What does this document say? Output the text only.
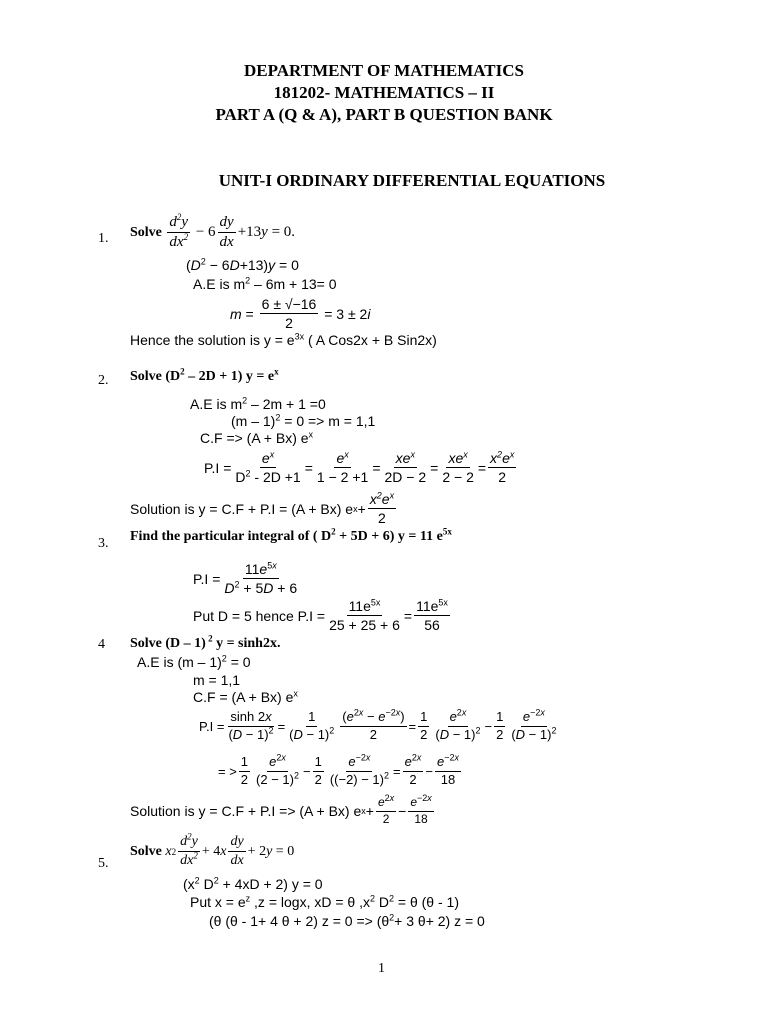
DEPARTMENT OF MATHEMATICS
181202- MATHEMATICS – II
PART A (Q & A), PART B QUESTION BANK
UNIT-I ORDINARY DIFFERENTIAL EQUATIONS
1. Solve
$\frac{d^2y}{dx^2} - 6 \frac{dy}{dx} +13y = 0$.
$(D^2 - 6D+13)y = 0$
A.E is $m^2 - 6m + 13= 0$
$m = \frac{6 \pm √-16}{2} = 3 \pm 2$ i
Hence the solution is $y = e^{3x}$ ( A Cos2x + B Sin2x)
2. Solve $(D^2 - 2D + 1) y = e^x$
A.E is $m^2 - 2m + 1 =0$
(m – 1)$^2$ = 0 => m = 1,1
C.F => (A + Bx) $e^x$
$P.I = \frac{e^x}{D^2 - 2D +1} = \frac{e^x}{1 - 2 +1} = \frac{xe^x}{2D - 2} = \frac{xe^x}{2 - 2} = \frac{x^2e^x}{2}$
Solution is y = C.F + P.I = (A + Bx) e $x + \frac{x^2e^x}{2}$
3. Find the particular integral of ( $D^2 + 5D + 6$) y = 11 $e^{5x}$
$P.I = \frac{11e^{5x}}{D^2 + 5D + 6}$
Put D = 5 hence $P.I = \frac{11e^{5x}}{25 + 25 + 6} = \frac{11e^{5x}}{56}$
4 Solve (D – 1) $^2$ y = sinh2x.
A.E is (m – 1)$^2$ = 0
m = 1,1
C.F = (A + Bx) $e^x$
$P.I = \frac{\sinh 2x}{(D - 1)^2} = \frac{1}{(D - 1)^2} \frac{(e^{2x} - e^{-2x})}{2} = \frac{1}{2} \frac{e^{2x}}{(D - 1)^2} - \frac{1}{2} \frac{e^{-2x}}{(D - 1)^2}$
= > $\frac{1}{2} \frac{e^{2x}}{(2 - 1)^2} - \frac{1}{2} \frac{e^{-2x}}{((-2) - 1)^2} = \frac{e^{2x}}{2} - \frac{e^{-2x}}{18}$
Solution is y = C.F + P.I => (A + Bx) e $x + \frac{e^{2x}}{2} - \frac{e^{-2x}}{18}$
5.
Solve
x $2 \frac{d^2y}{dx^2} + 4$ x $\frac{dy}{dx} + 2$ y = 0
($x^2$ $D^2 + 4xD + 2$) y = 0
Put $x = e^z$ ,z = logx, xD = θ $,x^2$ $D^2 = \theta$ (θ - 1)
(θ (θ - 1+ 4 θ + 2) $z = 0 => (\theta^2+ 3$ θ+ 2) z = 0
1
